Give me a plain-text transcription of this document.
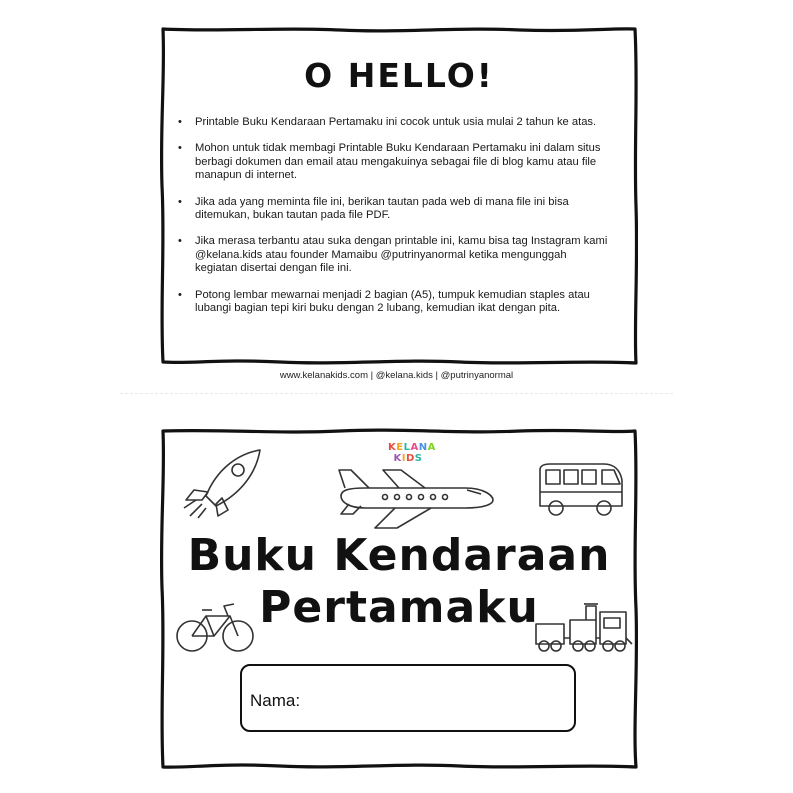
O HELLO!
• Printable Buku Kendaraan Pertamaku ini cocok untuk usia mulai 2 tahun ke atas.
• Mohon untuk tidak membagi Printable Buku Kendaraan Pertamaku ini dalam situs berbagi dokumen dan email atau mengakuinya sebagai file di blog kamu atau file manapun di internet.
• Jika ada yang meminta file ini, berikan tautan pada web di mana file ini bisa ditemukan, bukan tautan pada file PDF.
• Jika merasa terbantu atau suka dengan printable ini, kamu bisa tag Instagram kami @kelana.kids atau founder Mamaibu @putrinyanormal ketika mengunggah kegiatan disertai dengan file ini.
• Potong lembar mewarnai menjadi 2 bagian (A5), tumpuk kemudian staples atau lubangi bagian tepi kiri buku dengan 2 lubang, kemudian ikat dengan pita.
www.kelanakids.com | @kelana.kids | @putrinyanormal
KELANA
KIDS
Buku Kendaraan
Pertamaku
Nama:
